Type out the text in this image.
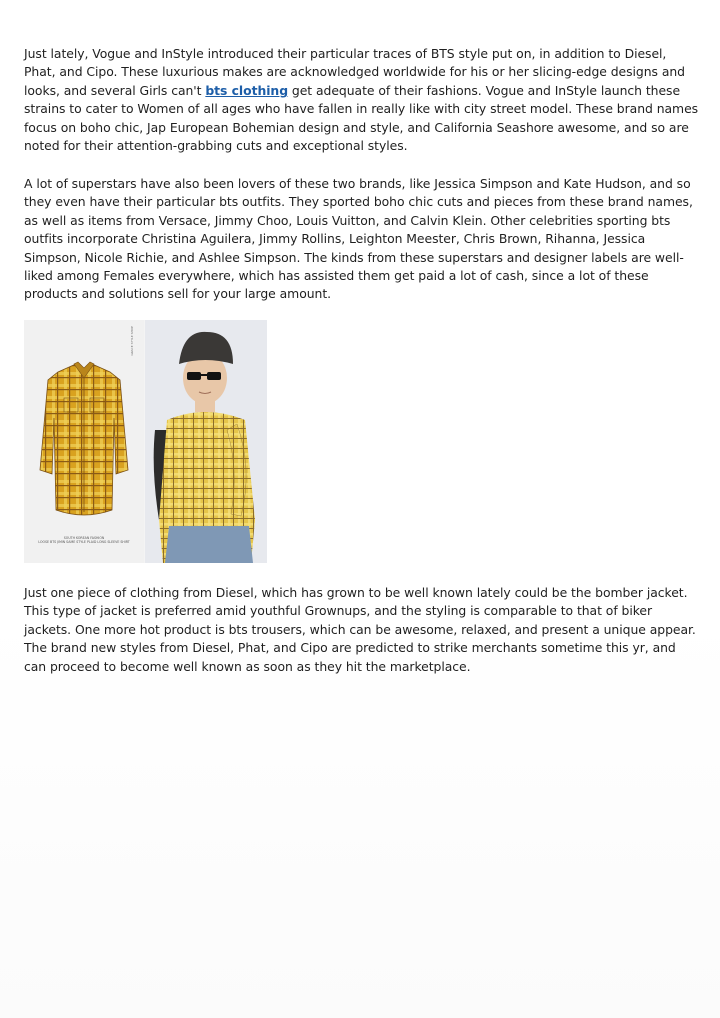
Just lately, Vogue and InStyle introduced their particular traces of BTS style put on, in addition to Diesel, Phat, and Cipo. These luxurious makes are acknowledged worldwide for his or her slicing-edge designs and looks, and several Girls can't bts clothing get adequate of their fashions. Vogue and InStyle launch these strains to cater to Women of all ages who have fallen in really like with city street model. These brand names focus on boho chic, Jap European Bohemian design and style, and California Seashore awesome, and so are noted for their attention-grabbing cuts and exceptional styles.

A lot of superstars have also been lovers of these two brands, like Jessica Simpson and Kate Hudson, and so they even have their particular bts outfits. They sported boho chic cuts and pieces from these brand names, as well as items from Versace, Jimmy Choo, Louis Vuitton, and Calvin Klein. Other celebrities sporting bts outfits incorporate Christina Aguilera, Jimmy Rollins, Leighton Meester, Chris Brown, Rihanna, Jessica Simpson, Nicole Richie, and Ashlee Simpson. The kinds from these superstars and designer labels are well-liked among Females everywhere, which has assisted them get paid a lot of cash, since a lot of these products and solutions sell for your large amount.

SOUTH KOREAN FASHION
LOOSE BTS JIMIN SAME STYLE PLAID LONG SLEEVE SHIRT
GRACE STYLE SHOP

Just one piece of clothing from Diesel, which has grown to be well known lately could be the bomber jacket. This type of jacket is preferred amid youthful Grownups, and the styling is comparable to that of biker jackets. One more hot product is bts trousers, which can be awesome, relaxed, and present a unique appear. The brand new styles from Diesel, Phat, and Cipo are predicted to strike merchants sometime this yr, and can proceed to become well known as soon as they hit the marketplace.
